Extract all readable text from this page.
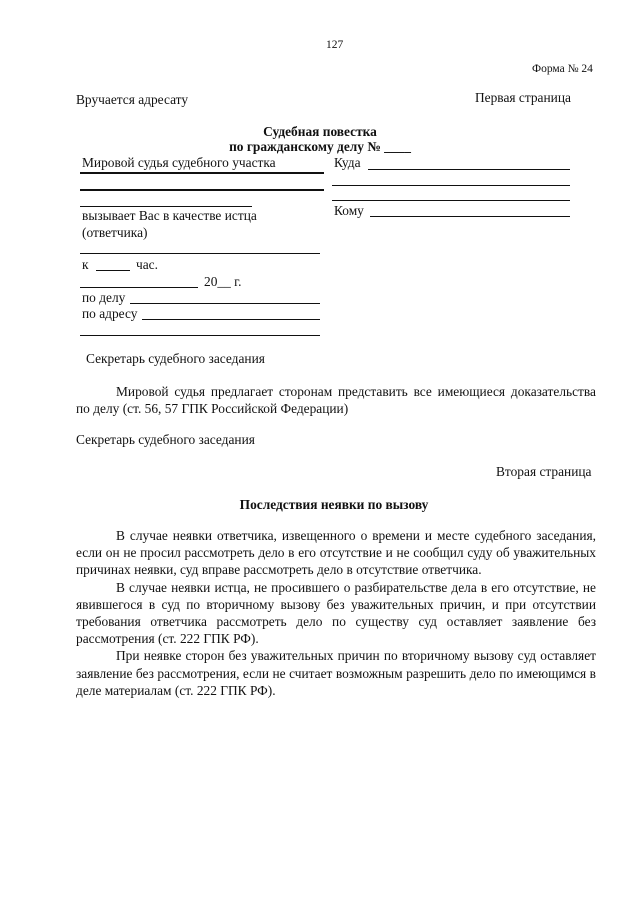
127
Форма № 24
Вручается адресату	Первая страница
Судебная повестка
по гражданскому делу № ____
Мировой судья судебного участка
вызывает Вас в качестве истца
(ответчика)
к	час.
20__ г.
по делу
по адресу
Секретарь судебного заседания
Куда
Кому

Мировой судья предлагает сторонам представить все имеющиеся доказательства по делу (ст. 56, 57 ГПК Российской Федерации)

Секретарь судебного заседания
Вторая страница
Последствия неявки по вызову

В случае неявки ответчика, извещенного о времени и месте судебного заседания, если он не просил рассмотреть дело в его отсутствие и не сообщил суду об уважительных причинах неявки, суд вправе рассмотреть дело в отсутствие ответчика.

В случае неявки истца, не просившего о разбирательстве дела в его отсутствие, не явившегося в суд по вторичному вызову без уважительных причин, и при отсутствии требования ответчика рассмотреть дело по существу суд оставляет заявление без рассмотрения (ст. 222 ГПК РФ).

При неявке сторон без уважительных причин по вторичному вызову суд оставляет заявление без рассмотрения, если не считает возможным разрешить дело по имеющимся в деле материалам (ст. 222 ГПК РФ).
